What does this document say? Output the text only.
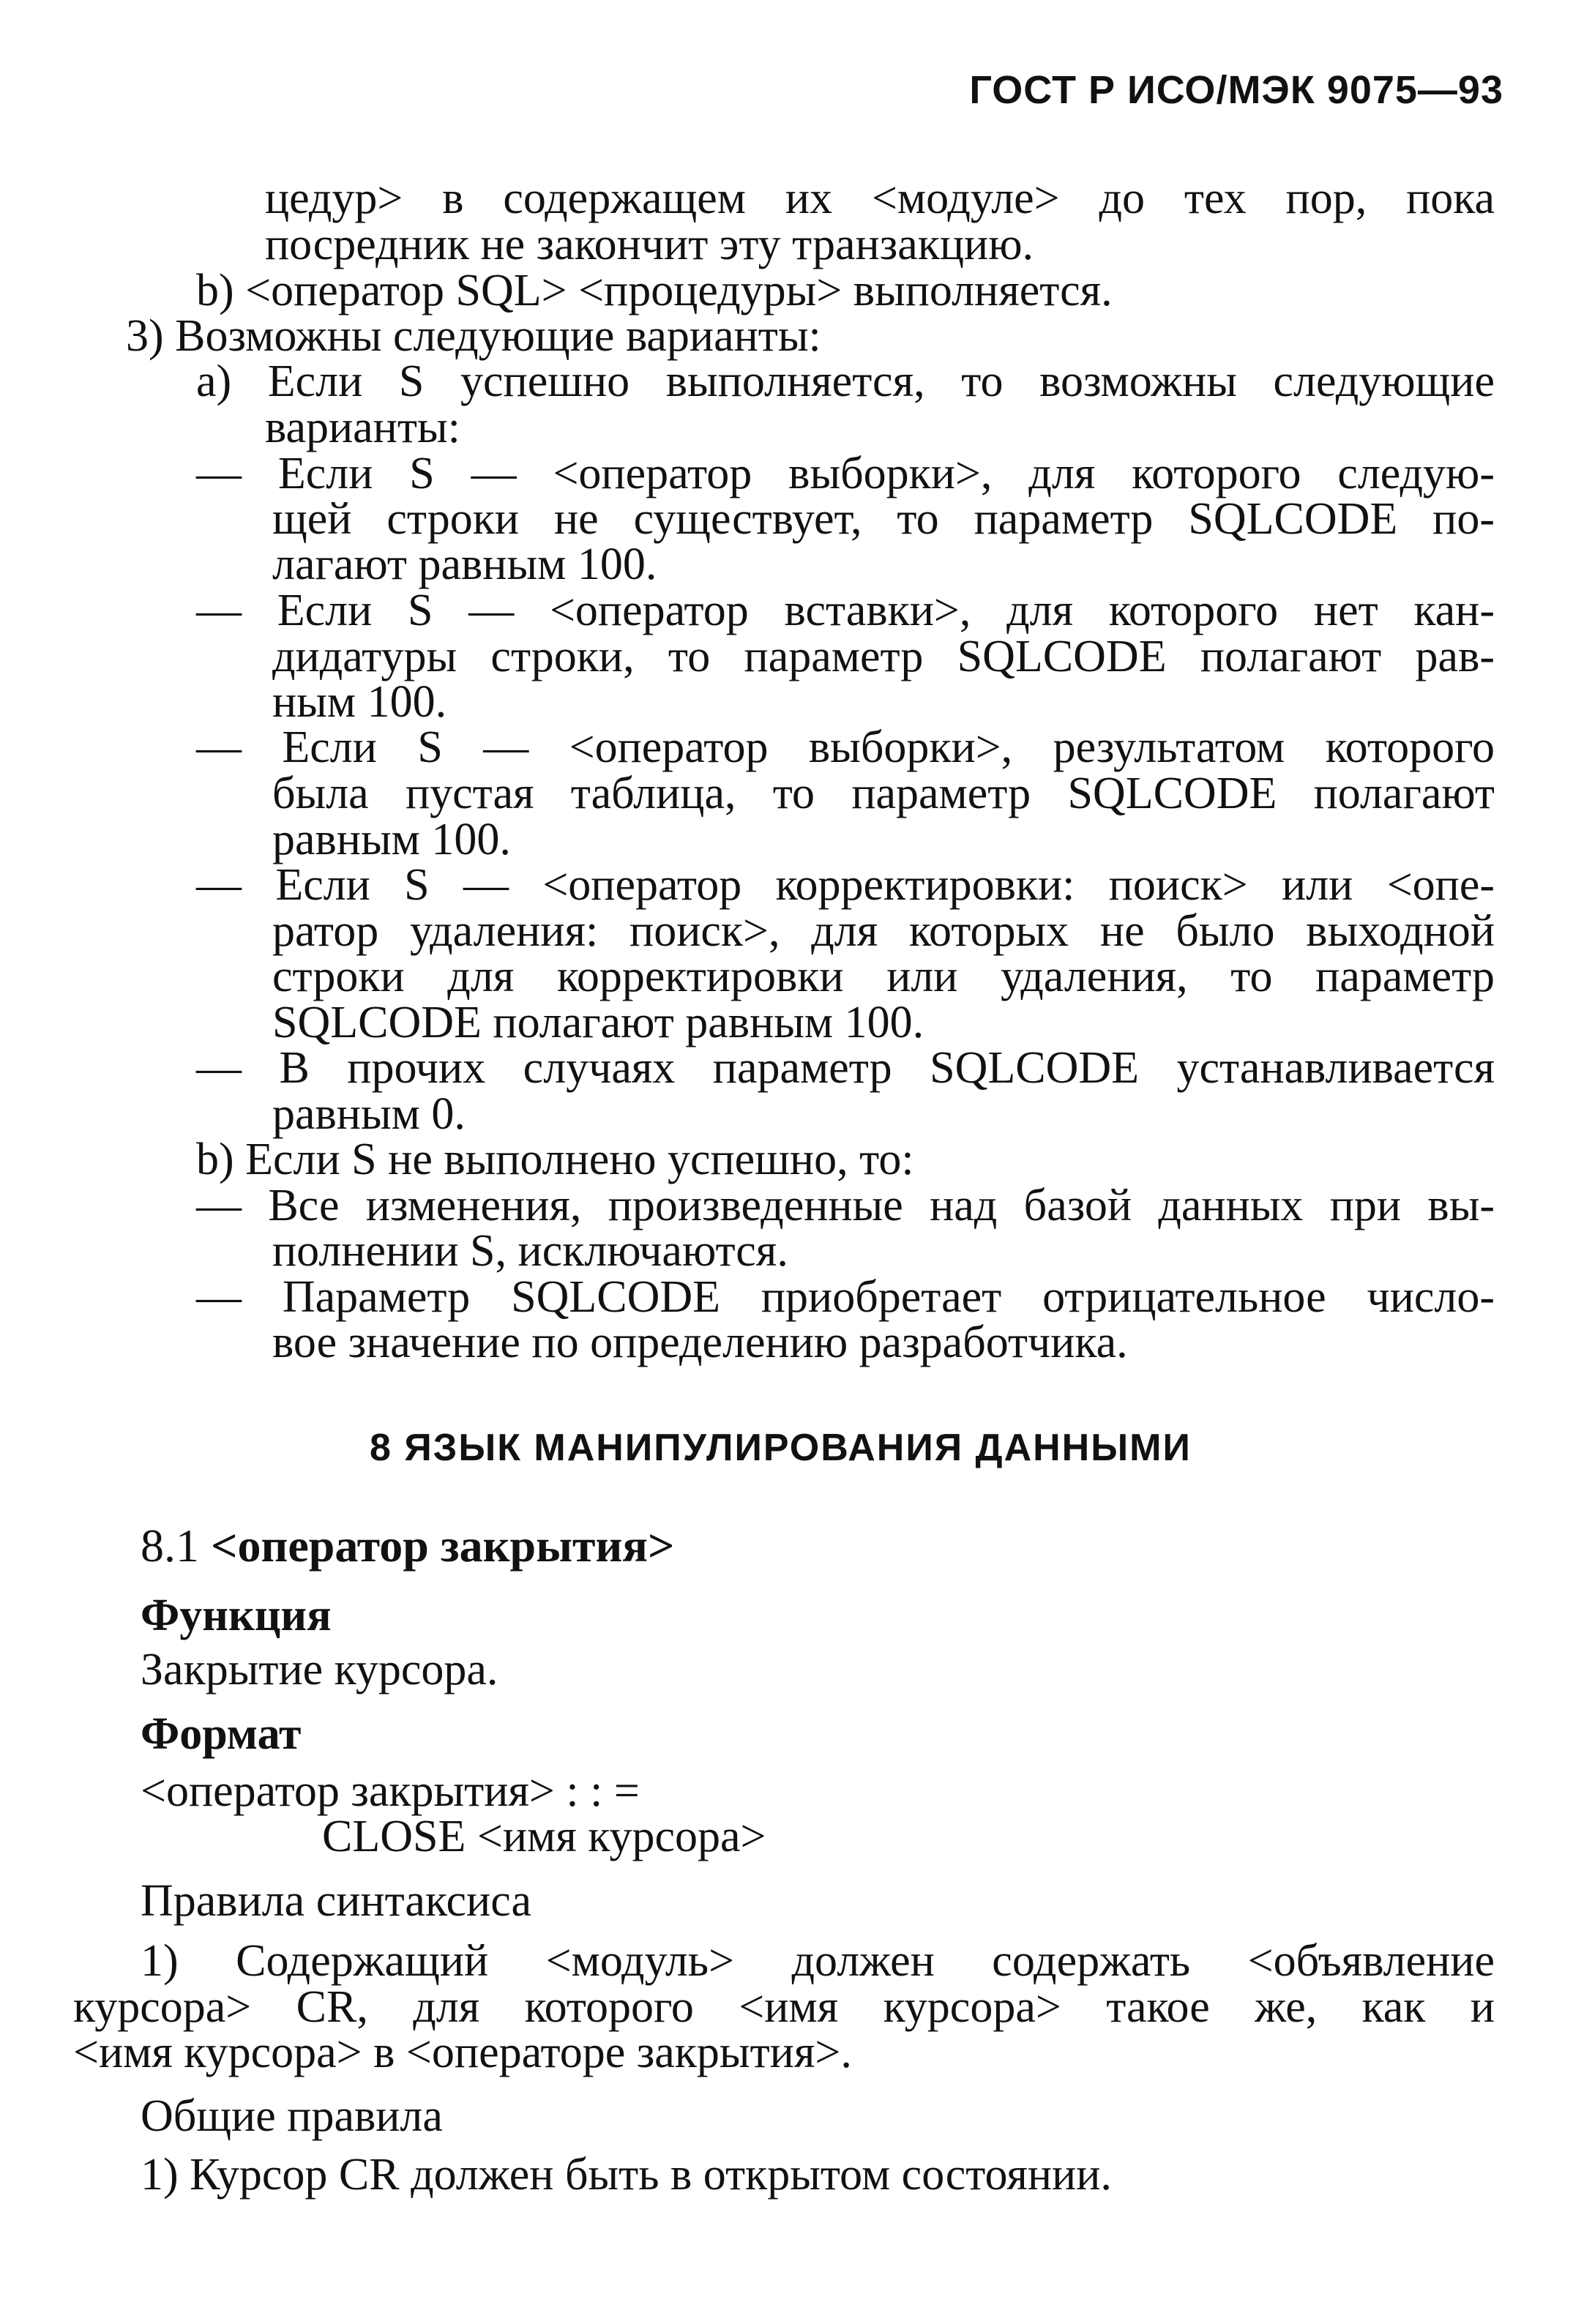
ГОСТ Р ИСО/МЭК 9075—93
цедур> в содержащем их <модуле> до тех пор, пока
посредник не закончит эту транзакцию.
b) <оператор SQL> <процедуры> выполняется.
3) Возможны следующие варианты:
a) Если S успешно выполняется, то возможны следующие
варианты:
— Если S — <оператор выборки>, для которого следую-
щей строки не существует, то параметр SQLCODE по-
лагают равным 100.
— Если S — <оператор вставки>, для которого нет кан-
дидатуры строки, то параметр SQLCODE полагают рав-
ным 100.
— Если S — <оператор выборки>, результатом которого
была пустая таблица, то параметр SQLCODE полагают
равным 100.
— Если S — <оператор корректировки: поиск> или <опе-
ратор удаления: поиск>, для которых не было выходной
строки для корректировки или удаления, то параметр
SQLCODE полагают равным 100.
— В прочих случаях параметр SQLCODE устанавливается
равным 0.
b) Если S не выполнено успешно, то:
— Все изменения, произведенные над базой данных при вы-
полнении S, исключаются.
— Параметр SQLCODE приобретает отрицательное число-
вое значение по определению разработчика.
8 ЯЗЫК МАНИПУЛИРОВАНИЯ ДАННЫМИ
8.1 <оператор закрытия>
Функция
Закрытие курсора.
Формат
<оператор закрытия> : : =
CLOSE <имя курсора>
Правила синтаксиса
1) Содержащий <модуль> должен содержать <объявление
курсора> CR, для которого <имя курсора> такое же, как и
<имя курсора> в <операторе закрытия>.
Общие правила
1) Курсор CR должен быть в открытом состоянии.
